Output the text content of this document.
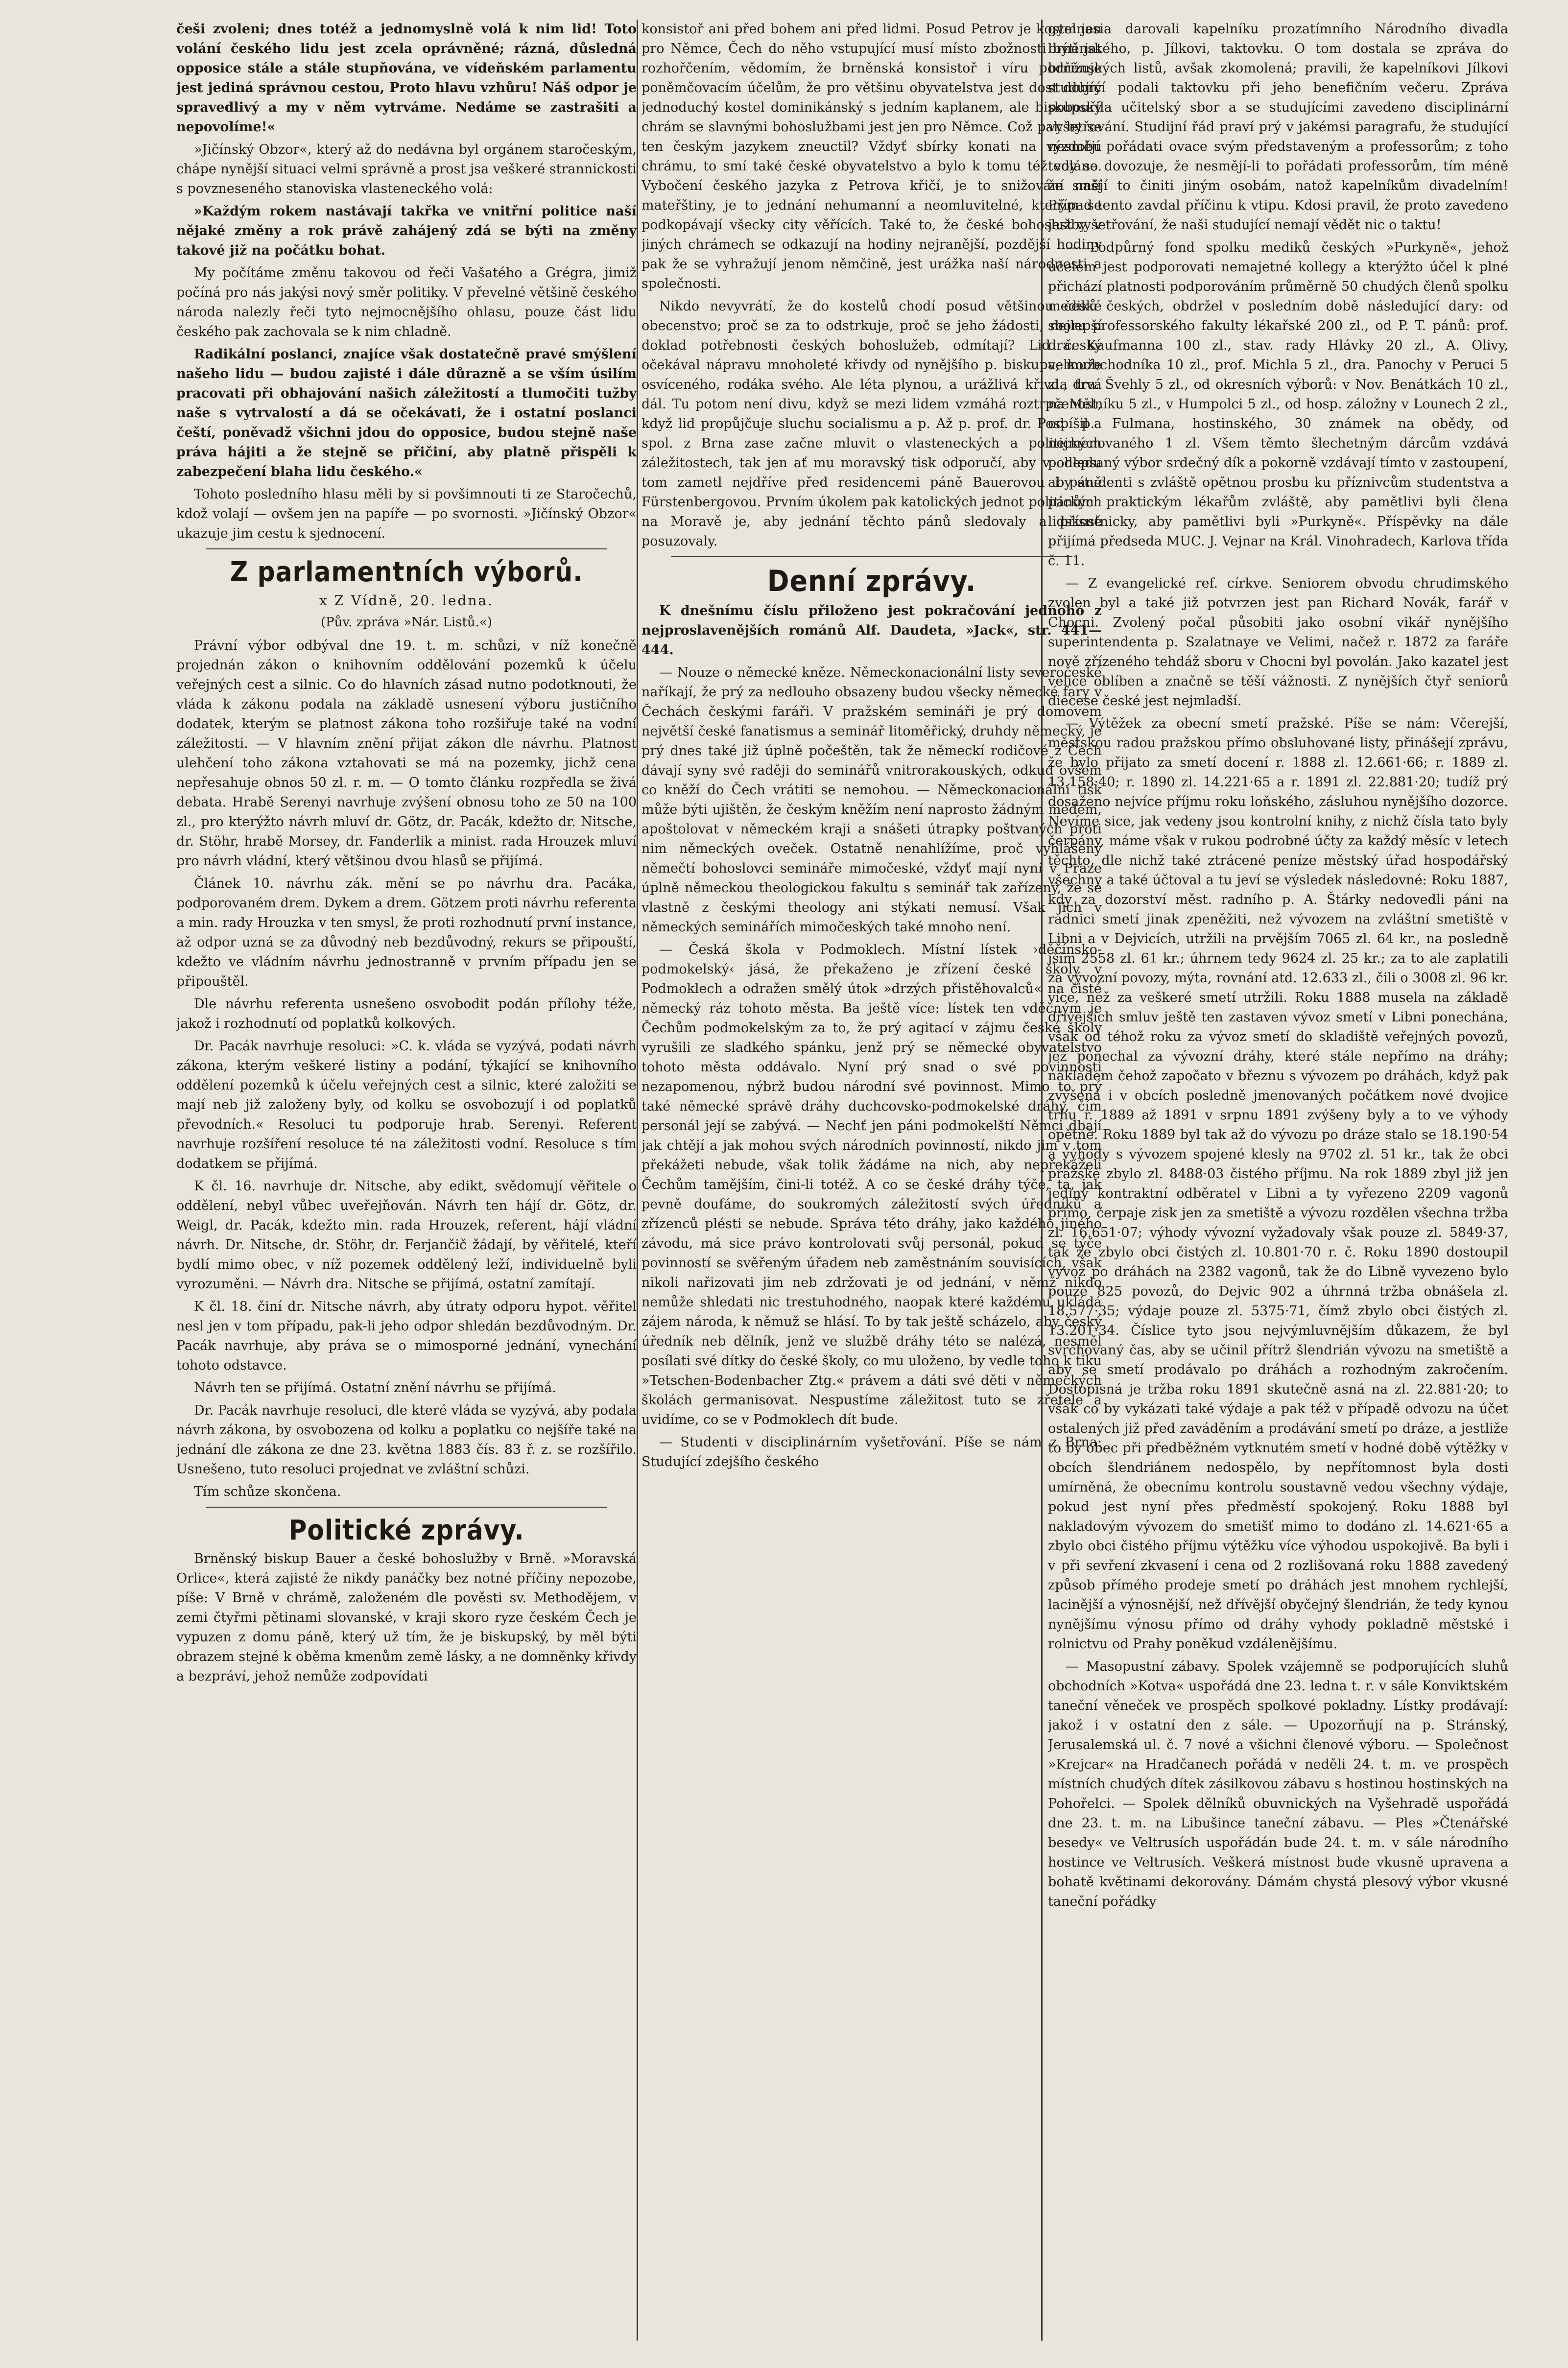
češi zvoleni; dnes totéž a jednomyslně volá k nim lid! Toto volání českého lidu jest zcela oprávněné; rázná, důsledná opposice stále a stále stupňována, ve vídeňském parlamentu jest jediná správnou cestou, Proto hlavu vzhůru! Náš odpor je spravedlivý a my v něm vytrváme. Nedáme se zastrašiti a nepovolíme!«

»Jičínský Obzor«, který až do nedávna byl orgánem staročeským, chápe nynější situaci velmi správně a prost jsa veškeré strannickosti s povzneseného stanoviska vlasteneckého volá:

»Každým rokem nastávají takřka ve vnitřní politice naší nějaké změny a rok právě zahájený zdá se býti na změny takové již na počátku bohat.

My počítáme změnu takovou od řeči Vašatého a Grégra, jimiž počíná pro nás jakýsi nový směr politiky. V převelné většině českého národa nalezly řeči tyto nejmocnějšího ohlasu, pouze část lidu českého pak zachovala se k nim chladně.

Radikální poslanci, znajíce však dostatečně pravé smýšlení našeho lidu — budou zajisté i dále důrazně a se vším úsilím pracovati při obhajování našich záležitostí a tlumočiti tužby naše s vytrvalostí a dá se očekávati, že i ostatní poslanci čeští, poněvadž všichni jdou do opposice, budou stejně naše práva hájiti a že stejně se přičiní, aby platně přispěli k zabezpečení blaha lidu českého.«

Tohoto posledního hlasu měli by si povšimnouti ti ze Staročechů, kdož volají — ovšem jen na papíře — po svornosti. »Jičínský Obzor« ukazuje jim cestu k sjednocení.

Z parlamentních výborů.

x Z Vídně, 20. ledna.

(Pův. zpráva »Nár. Listů.«)

Právní výbor odbýval dne 19. t. m. schůzi, v níž konečně projednán zákon o knihovním oddělování pozemků k účelu veřejných cest a silnic. Co do hlavních zásad nutno podotknouti, že vláda k zákonu podala na základě usnesení výboru justičního dodatek, kterým se platnost zákona toho rozšiřuje také na vodní záležitosti. — V hlavním znění přijat zákon dle návrhu. Platnost ulehčení toho zákona vztahovati se má na pozemky, jichž cena nepřesahuje obnos 50 zl. r. m. — O tomto článku rozpředla se živá debata. Hrabě Serenyi navrhuje zvýšení obnosu toho ze 50 na 100 zl., pro kterýžto návrh mluví dr. Götz, dr. Pacák, kdežto dr. Nitsche, dr. Stöhr, hrabě Morsey, dr. Fanderlik a minist. rada Hrouzek mluví pro návrh vládní, který většinou dvou hlasů se přijímá.

Článek 10. návrhu zák. mění se po návrhu dra. Pacáka, podporovaném drem. Dykem a drem. Götzem proti návrhu referenta a min. rady Hrouzka v ten smysl, že proti rozhodnutí první instance, až odpor uzná se za důvodný neb bezdůvodný, rekurs se připouští, kdežto ve vládním návrhu jednostranně v prvním případu jen se připouštěl.

Dle návrhu referenta usnešeno osvobodit podán přílohy téže, jakož i rozhodnutí od poplatků kolkových.

Dr. Pacák navrhuje resoluci: »C. k. vláda se vyzývá, podati návrh zákona, kterým veškeré listiny a podání, týkající se knihovního oddělení pozemků k účelu veřejných cest a silnic, které založiti se mají neb již založeny byly, od kolku se osvobozují i od poplatků převodních.« Resoluci tu podporuje hrab. Serenyi. Referent navrhuje rozšíření resoluce té na záležitosti vodní. Resoluce s tím dodatkem se přijímá.

K čl. 16. navrhuje dr. Nitsche, aby edikt, svědomují věřitele o oddělení, nebyl vůbec uveřejňován. Návrh ten hájí dr. Götz, dr. Weigl, dr. Pacák, kdežto min. rada Hrouzek, referent, hájí vládní návrh. Dr. Nitsche, dr. Stöhr, dr. Ferjančič žádají, by věřitelé, kteří bydlí mimo obec, v níž pozemek oddělený leží, individuelně byli vyrozuměni. — Návrh dra. Nitsche se přijímá, ostatní zamítají.

K čl. 18. činí dr. Nitsche návrh, aby útraty odporu hypot. věřitel nesl jen v tom případu, pak-li jeho odpor shledán bezdůvodným. Dr. Pacák navrhuje, aby práva se o mimosporné jednání, vynechání tohoto odstavce.

Návrh ten se přijímá. Ostatní znění návrhu se přijímá.

Dr. Pacák navrhuje resoluci, dle které vláda se vyzývá, aby podala návrh zákona, by osvobozena od kolku a poplatku co nejšíře také na jednání dle zákona ze dne 23. května 1883 čís. 83 ř. z. se rozšířilo. Usnešeno, tuto resoluci projednat ve zvláštní schůzi.

Tím schůze skončena.

Politické zprávy.

Brněnský biskup Bauer a české bohoslužby v Brně. »Moravská Orlice«, která zajisté že nikdy panáčky bez notné příčiny nepozobe, píše: V Brně v chrámě, založeném dle pověsti sv. Methodějem, v zemi čtyřmi pětinami slovanské, v kraji skoro ryze českém Čech je vypuzen z domu páně, který už tím, že je biskupský, by měl býti obrazem stejné k oběma kmenům země lásky, a ne domněnky křivdy a bezpráví, jehož nemůže zodpovídati

konsistoř ani před bohem ani před lidmi. Posud Petrov je kostel jen pro Němce, Čech do něho vstupující musí místo zbožnosti býti jat rozhořčením, vědomím, že brněnská konsistoř i víru podřizuje poněmčovacím účelům, že pro většinu obyvatelstva jest dost dobrý jednoduchý kostel dominikánský s jedním kaplanem, ale biskupský chrám se slavnými bohoslužbami jest jen pro Němce. Což pak by se ten českým jazykem zneuctil? Vždyť sbírky konati na výzdobu chrámu, to smí také české obyvatelstvo a bylo k tomu též voláno. Vybočení českého jazyka z Petrova křičí, je to snižování naší mateřštiny, je to jednání nehumanní a neomluvitelné, kterým se podkopávají všecky city věřících. Také to, že české bohoslužby v jiných chrámech se odkazují na hodiny nejranější, pozdější hodiny pak že se vyhražují jenom němčině, jest urážka naší národnosti a společnosti.

Nikdo nevyvrátí, že do kostelů chodí posud většinou české obecenstvo; proč se za to odstrkuje, proč se jeho žádosti, nejlepší doklad potřebnosti českých bohoslužeb, odmítají? Lid český očekával nápravu mnoholeté křivdy od nynějšího p. biskupa, muže osvíceného, rodáka svého. Ale léta plynou, a urážlivá křivda trvá dál. Tu potom není divu, když se mezi lidem vzmáhá roztrpčenost, když lid propůjčuje sluchu socialismu a p. Až p. prof. dr. Pospíšil a spol. z Brna zase začne mluvit o vlasteneckých a politických záležitostech, tak jen ať mu moravský tisk odporučí, aby v ohledu tom zametl nejdříve před residencemi páně Bauerovou i páně Fürstenbergovou. Prvním úkolem pak katolických jednot politických na Moravě je, aby jednání těchto pánů sledovaly a přísně posuzovaly.

Denní zprávy.

K dnešnímu číslu přiloženo jest pokračování jednoho z nejproslavenějších románů Alf. Daudeta, »Jack«, str. 441—444.

— Nouze o německé kněze. Německonacionální listy severočeské naříkají, že prý za nedlouho obsazeny budou všecky německé fary v Čechách českými faráři. V pražském semináři je prý domovem největší české fanatismus a seminář litoměřický, druhdy německý, je prý dnes také již úplně počeštěn, tak že německí rodičové z Čech dávají syny své raději do seminářů vnitrorakouských, odkud ovšem co kněží do Čech vrátiti se nemohou. — Německonacionální tisk může býti ujištěn, že českým kněžím není naprosto žádným medem, apoštolovat v německém kraji a snášeti útrapky poštvaných proti nim německých oveček. Ostatně nenahlížíme, proč vyhlášený němečtí bohoslovci semináře mimočeské, vždyť mají nyní v Praze úplně německou theologickou fakultu s seminář tak zařízený, že se vlastně z českými theology ani stýkati nemusí. Však jich v německých seminářích mimočeských také mnoho není.

— Česká škola v Podmoklech. Místní lístek ›děčínsko-podmokelský‹ jásá, že překaženo je zřízení české školy v Podmoklech a odražen smělý útok »drzých přistěhovalců« na čisté německý ráz tohoto města. Ba ještě více: lístek ten vděčným je Čechům podmokelským za to, že prý agitací v zájmu české školy vyrušili ze sladkého spánku, jenž prý se německé obyvatelstvo tohoto města oddávalo. Nyní prý snad o své povinnosti nezapomenou, nýbrž budou národní své povinnost. Mimo to prý také německé správě dráhy duchcovsko-podmokelské dráhy, čím personál její se zabývá. — Nechť jen páni podmokelští Němci dbají jak chtějí a jak mohou svých národních povinností, nikdo jim v tom překážeti nebude, však tolik žádáme na nich, aby nepřekáželi Čechům tamějším, čini-li totéž. A co se české dráhy týče, ta, jak pevně doufáme, do soukromých záležitostí svých úředníků a zřízenců plésti se nebude. Správa této dráhy, jako každého jiného závodu, má sice právo kontrolovati svůj personál, pokud se týče povinností se svěřeným úřadem neb zaměstnáním souvisících, však nikoli nařizovati jim neb zdržovati je od jednání, v němž nikdo nemůže shledati nic trestuhodného, naopak které každému ukládá zájem národa, k němuž se hlásí. To by tak ještě scházelo, aby český úředník neb dělník, jenž ve službě dráhy této se nalézá, nesměl posílati své dítky do české školy, co mu uloženo, by vedle toho k tiku »Tetschen-Bodenbacher Ztg.« právem a dáti své děti v německých školách germanisovat. Nespustíme záležitost tuto se zřetele a uvidíme, co se v Podmoklech dít bude.

— Studenti v disciplinárním vyšetřování. Píše se nám z Brna: Studující zdejšího českého

gymnasia darovali kapelníku prozatímního Národního divadla brněnského, p. Jílkovi, taktovku. O tom dostala se zpráva do brněnských listů, avšak zkomolená; pravili, že kapelníkovi Jílkovi studující podali taktovku při jeho benefičním večeru. Zpráva pobouřila učitelský sbor a se studujícími zavedeno disciplinární vyšetřování. Studijní řád praví prý v jakémsi paragrafu, že studující nesmějí pořádati ovace svým představeným a professorům; z toho tedy se dovozuje, že nesmějí-li to pořádati professorům, tím méně že smějí to činiti jiným osobám, natož kapelníkům divadelním! Případ tento zavdal příčinu k vtipu. Kdosi pravil, že proto zavedeno jest vyšetřování, že naši studující nemají vědět nic o taktu!

— Podpůrný fond spolku mediků českých »Purkyně«, jehož účelem jest podporovati nemajetné kollegy a kterýžto účel k plné přichází platnosti podporováním průměrně 50 chudých členů spolku mediků českých, obdržel v posledním době následující dary: od sboru professorského fakulty lékařské 200 zl., od P. T. pánů: prof. dra. Kaufmanna 100 zl., stav. rady Hlávky 20 zl., A. Olivy, velkoobchodníka 10 zl., prof. Michla 5 zl., dra. Panochy v Peruci 5 zl., dra. Švehly 5 zl., od okresních výborů: v Nov. Benátkách 10 zl., na Mělníku 5 zl., v Humpolci 5 zl., od hosp. záložny v Lounech 2 zl., od p. Fulmana, hostinského, 30 známek na obědy, od nejmenovaného 1 zl. Všem těmto šlechetným dárcům vzdává podepsaný výbor srdečný dík a pokorně vzdávají tímto v zastoupení, aby studenti s zvláště opětnou prosbu ku příznivcům studentstva a pánům praktickým lékařům zvláště, aby pamětlivi byli člena lidskostnicky, aby pamětlivi byli »Purkyně«. Příspěvky na dále přijímá předseda MUC. J. Vejnar na Král. Vinohradech, Karlova třída č. 11.

— Z evangelické ref. církve. Seniorem obvodu chrudimského zvolen byl a také již potvrzen jest pan Richard Novák, farář v Chocni. Zvolený počal působiti jako osobní vikář nynějšího superintendenta p. Szalatnaye ve Velimi, načež r. 1872 za faráře nově zřízeného tehdáž sboru v Chocni byl povolán. Jako kazatel jest velice oblíben a značně se těší vážnosti. Z nynějších čtyř seniorů diecese české jest nejmladší.

— Výtěžek za obecní smetí pražské. Píše se nám: Včerejší, městskou radou pražskou přímo obsluhované listy, přinášejí zprávu, že bylo přijato za smetí docení r. 1888 zl. 12.661·66; r. 1889 zl. 13.158·40; r. 1890 zl. 14.221·65 a r. 1891 zl. 22.881·20; tudíž prý dosaženo nejvíce příjmu roku loňského, zásluhou nynějšího dozorce. Nevíme sice, jak vedeny jsou kontrolní knihy, z nichž čísla tato byly čerpány, máme však v rukou podrobné účty za každý měsíc v letech těchto, dle nichž také ztrácené peníze městský úřad hospodářský všechny a také účtoval a tu jeví se výsledek následovné: Roku 1887, kdy za dozorství měst. radního p. A. Štárky nedovedli páni na radnici smetí jinak zpeněžiti, než vývozem na zvláštní smetiště v Libni a v Dejvicích, utržili na prvějším 7065 zl. 64 kr., na posledně jším 2558 zl. 61 kr.; úhrnem tedy 9624 zl. 25 kr.; za to ale zaplatili za vývozní povozy, mýta, rovnání atd. 12.633 zl., čili o 3008 zl. 96 kr. více, než za veškeré smetí utržili. Roku 1888 musela na základě dřívějších smluv ještě ten zastaven vývoz smetí v Libni ponechána, však od téhož roku za vývoz smetí do skladiště veřejných povozů, jež ponechal za vývozní dráhy, které stále nepřímo na dráhy; nákladem čehož započato v březnu s vývozem po dráhách, když pak zvýšená i v obcích posledně jmenovaných počátkem nové dvojice trhu r. 1889 až 1891 v srpnu 1891 zvýšeny byly a to ve výhody opětně. Roku 1889 byl tak až do vývozu po dráze stalo se 18.190·54 a výhody s vývozem spojené klesly na 9702 zl. 51 kr., tak že obci pražské zbylo zl. 8488·03 čistého příjmu. Na rok 1889 zbyl již jen jediný kontraktní odběratel v Libni a ty vyřezeno 2209 vagonů přímo, čerpaje zisk jen za smetiště a vývozu rozdělen všechna tržba zl. 16.651·07; výhody vývozní vyžadovaly však pouze zl. 5849·37, tak že zbylo obci čistých zl. 10.801·70 r. č. Roku 1890 dostoupil vývoz po dráhách na 2382 vagonů, tak že do Libně vyvezeno bylo pouze 825 povozů, do Dejvic 902 a úhrnná tržba obnášela zl. 18.577·35; výdaje pouze zl. 5375·71, čímž zbylo obci čistých zl. 13.201·34. Číslice tyto jsou nejvýmluvnějším důkazem, že byl svrchovaný čas, aby se učinil přítrž šlendrián vývozu na smetiště a aby se smetí prodávalo po dráhách a rozhodným zakročením. Dostopisná je tržba roku 1891 skutečně asná na zl. 22.881·20; to však co by vykázati také výdaje a pak též v případě odvozu na účet ostalených již před zaváděním a prodávání smetí po dráze, a jestliže to by obec při předběžném vytknutém smetí v hodné době výtěžky v obcích šlendriánem nedospělo, by nepřítomnost byla dosti umírněná, že obecnímu kontrolu soustavně vedou všechny výdaje, pokud jest nyní přes předměstí spokojený. Roku 1888 byl nakladovým vývozem do smetišť mimo to dodáno zl. 14.621·65 a zbylo obci čistého příjmu výtěžku více výhodou uspokojivě. Ba byli i v při sevření zkvasení i cena od 2 rozlišovaná roku 1888 zavedený způsob přímého prodeje smetí po dráhách jest mnohem rychlejší, lacinější a výnosnější, než dřívější obyčejný šlendrián, že tedy kynou nynějšímu výnosu přímo od dráhy vyhody pokladně městské i rolnictvu od Prahy poněkud vzdálenějšímu.

— Masopustní zábavy. Spolek vzájemně se podporujících sluhů obchodních »Kotva« uspořádá dne 23. ledna t. r. v sále Konviktském taneční věneček ve prospěch spolkové pokladny. Lístky prodávají: jakož i v ostatní den z sále. — Upozorňují na p. Stránský, Jerusalemská ul. č. 7 nové a všichni členové výboru. — Společnost »Krejcar« na Hradčanech pořádá v neděli 24. t. m. ve prospěch místních chudých dítek zásilkovou zábavu s hostinou hostinských na Pohořelci. — Spolek dělníků obuvnických na Vyšehradě uspořádá dne 23. t. m. na Libušince taneční zábavu. — Ples »Čtenářské besedy« ve Veltrusích uspořádán bude 24. t. m. v sále národního hostince ve Veltrusích. Veškerá místnost bude vkusně upravena a bohatě květinami dekorovány. Dámám chystá plesový výbor vkusné taneční pořádky
